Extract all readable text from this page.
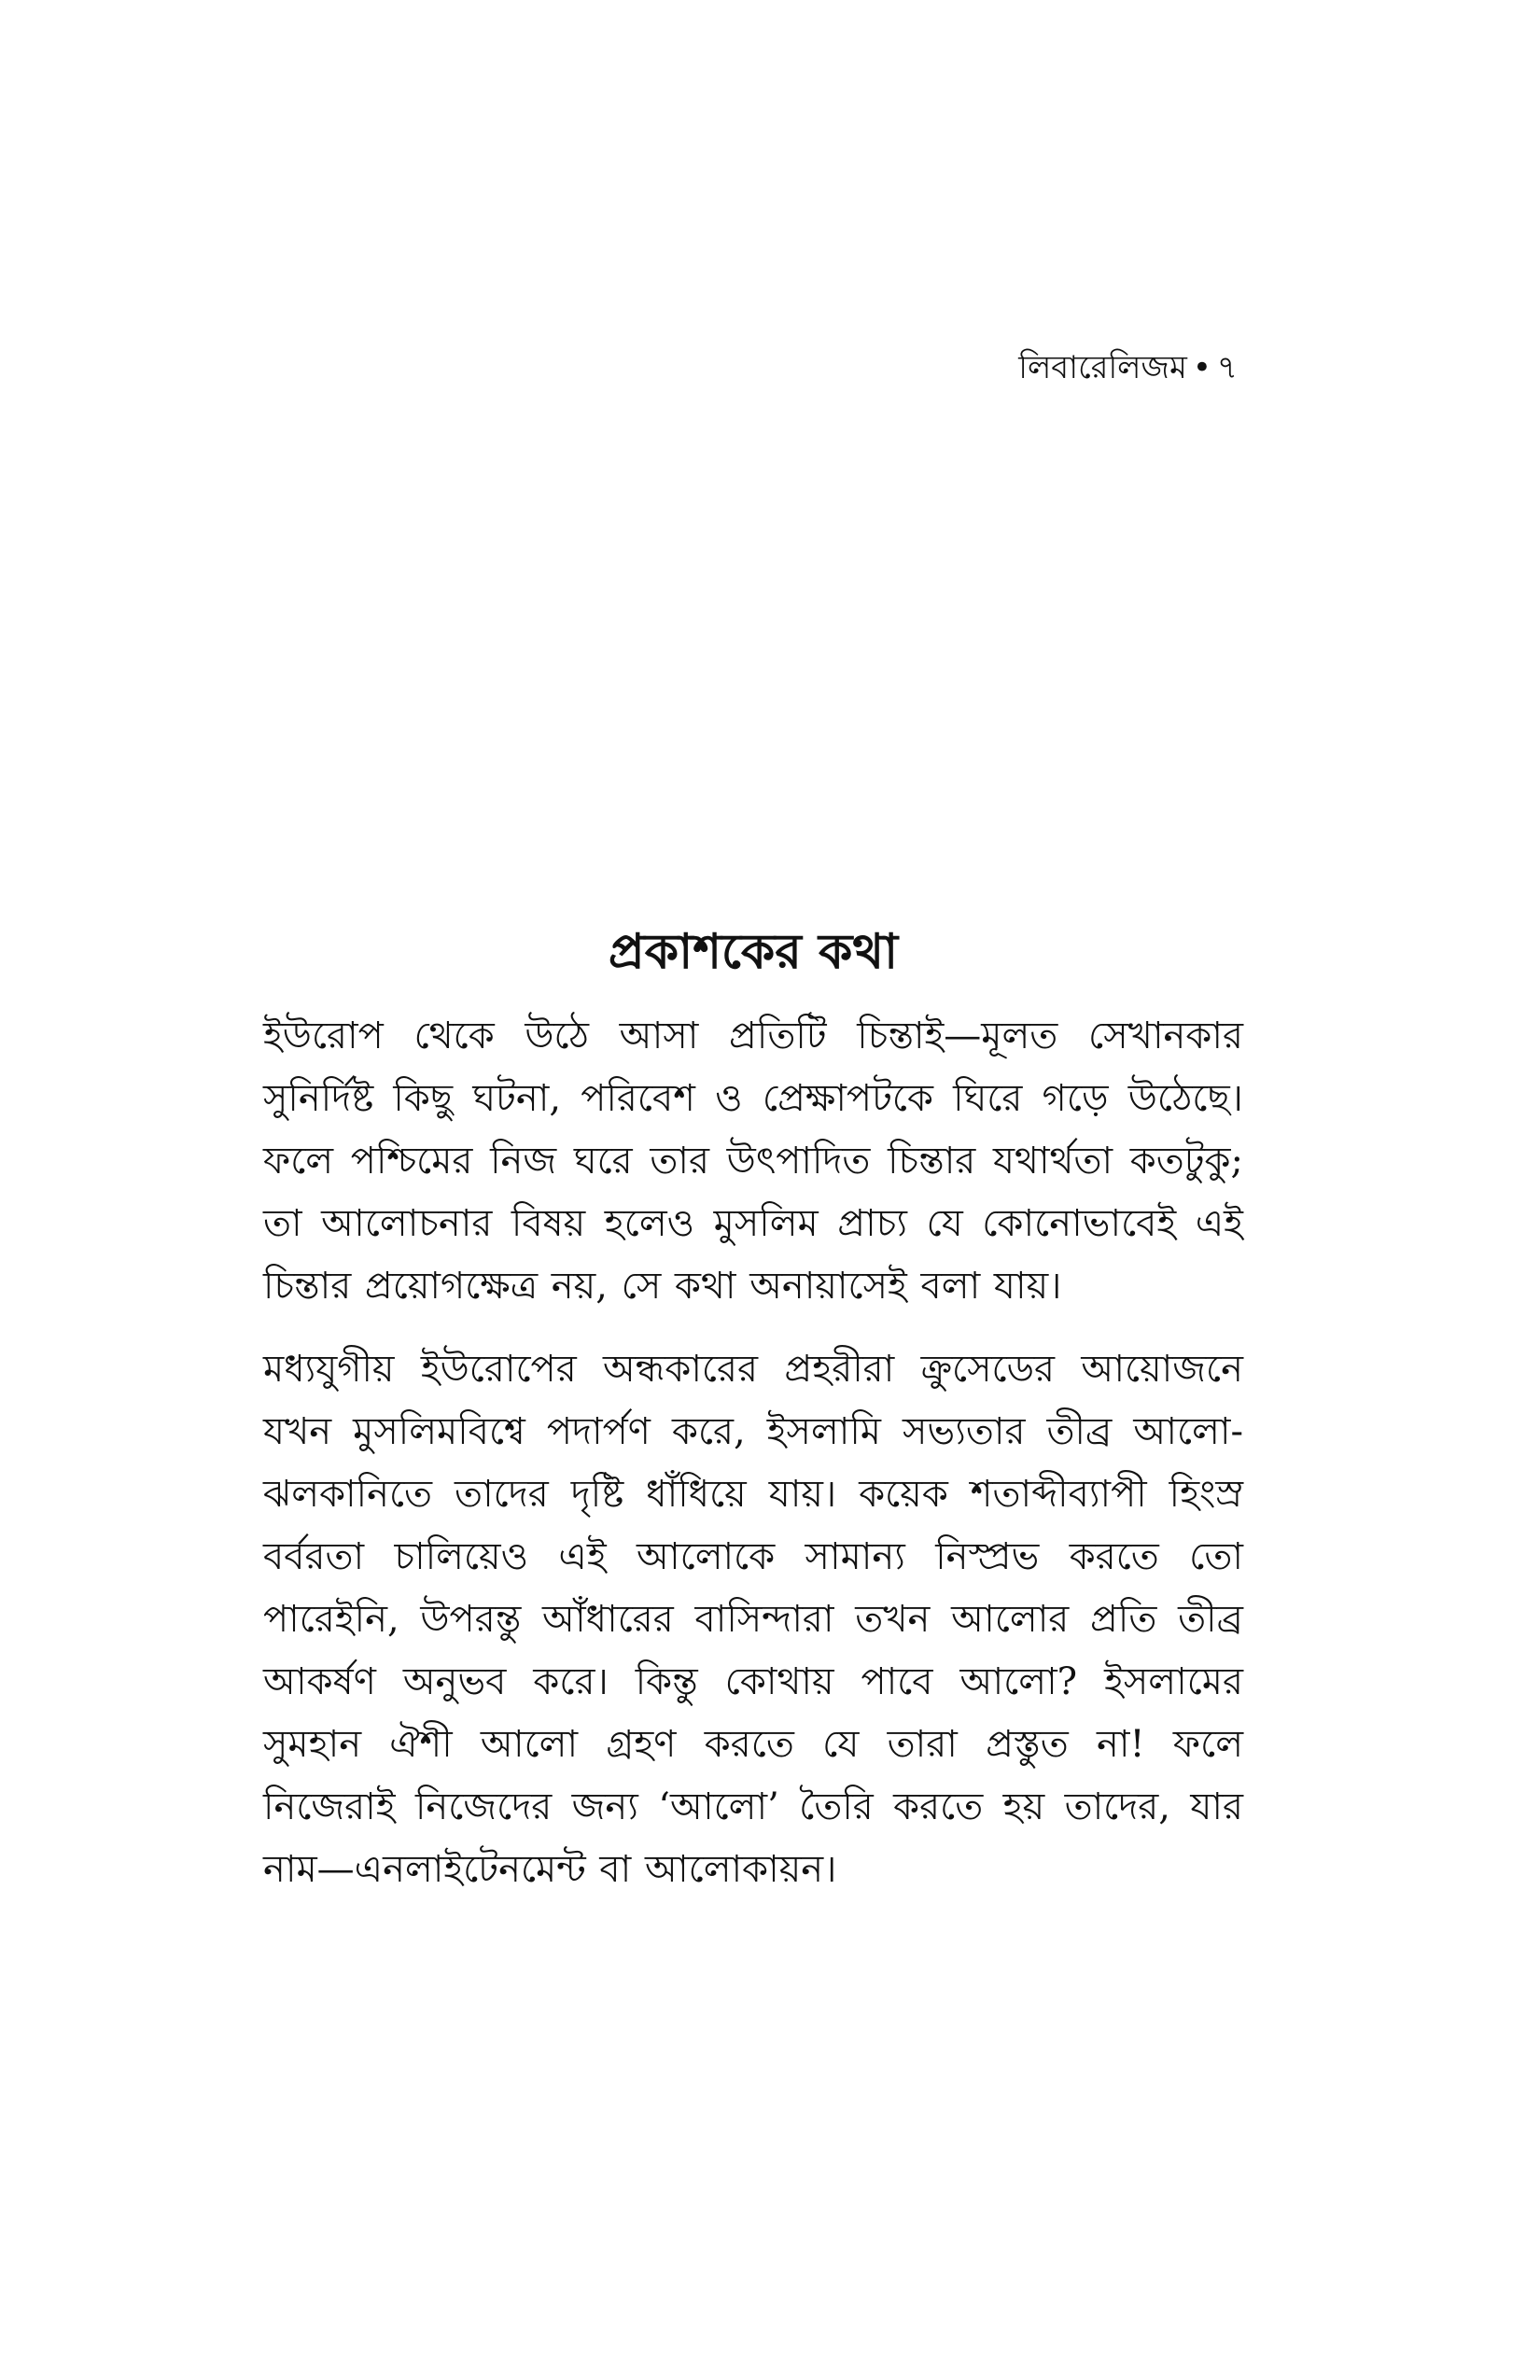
লিবারেলিজম • ৭
প্রকাশকের কথা

ইউরোপ থেকে উঠে আসা প্রতিটি চিন্তাই—মূলত সেখানকার সুনির্দিষ্ট কিছু ঘটনা, পরিবেশ ও প্রেক্ষাপটকে ঘিরে গড়ে উঠেছে। ফলে পশ্চিমের নিজ ঘরে তার উৎপাদিত চিন্তার যথার্থতা কতটুকু; তা আলোচনার বিষয় হলেও মুসলিম প্রাচ্য যে কোনোভাবেই এই চিন্তার প্রয়োগক্ষেত্র নয়, সে কথা অনায়াসেই বলা যায়।

মধ্যযুগীয় ইউরোপের অন্ধকারের প্রহরীরা ক্রুসেডের আয়োজনে যখন মুসলিমবিশ্বে পদার্পণ করে, ইসলামি সভ্যতার তীব্র আলো-ঝলকানিতে তাদের দৃষ্টি ধাঁধিয়ে যায়। কয়েক শতাব্দীব্যাপী হিংস্র বর্বরতা চালিয়েও এই আলোকে সামান্য নিস্প্রভ করতে তো পারেইনি, উপরন্তু আঁধারের বাসিন্দারা তখন আলোর প্রতি তীব্র আকর্ষণ অনুভব করে। কিন্তু কোথায় পাবে আলো? ইসলামের সুমহান ঐশী আলো গ্রহণ করতে যে তারা প্রস্তুত না! ফলে নিজেরাই নিজেদের জন্য ‘আলো’ তৈরি করতে হয় তাদের, যার নাম—এনলাইটেনমেন্ট বা আলোকায়ন।
